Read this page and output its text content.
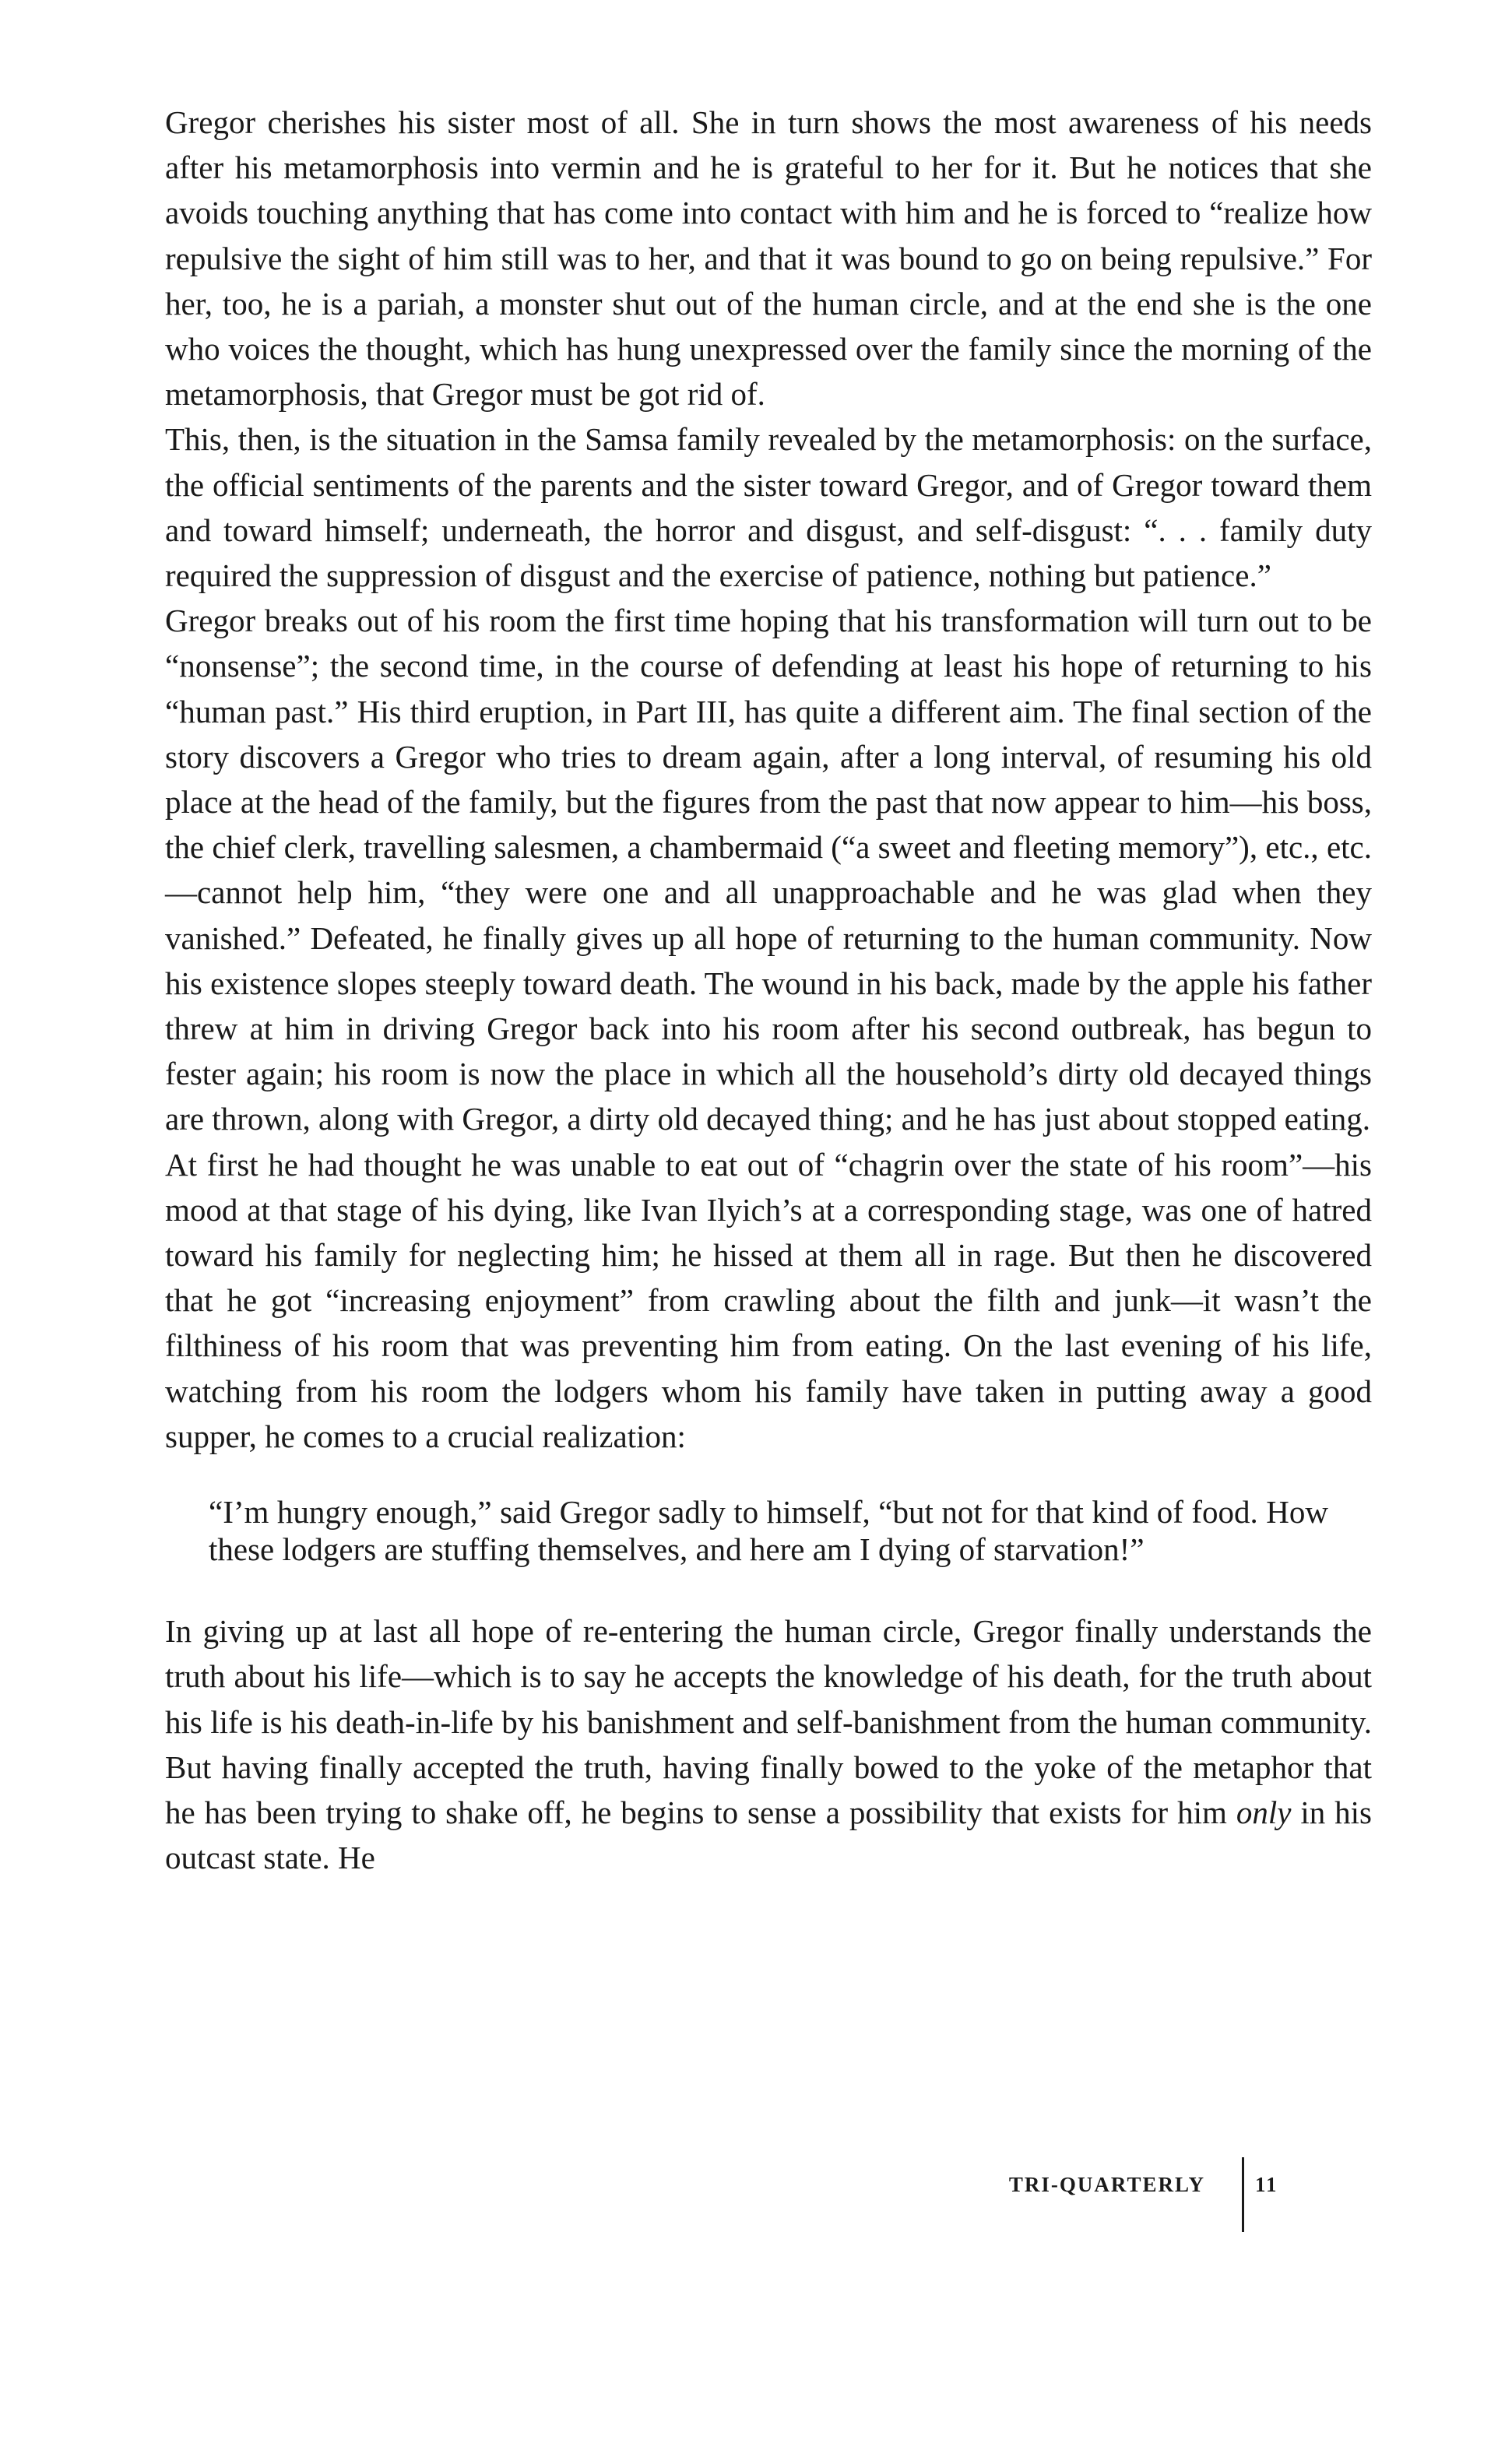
Gregor cherishes his sister most of all. She in turn shows the most awareness of his needs after his metamorphosis into vermin and he is grateful to her for it. But he notices that she avoids touching anything that has come into contact with him and he is forced to “realize how repulsive the sight of him still was to her, and that it was bound to go on being repulsive.” For her, too, he is a pariah, a monster shut out of the human circle, and at the end she is the one who voices the thought, which has hung unexpressed over the family since the morning of the metamorphosis, that Gregor must be got rid of.

This, then, is the situation in the Samsa family revealed by the metamorphosis: on the surface, the official sentiments of the parents and the sister toward Gregor, and of Gregor toward them and toward himself; underneath, the horror and disgust, and self-disgust: “. . . family duty required the suppression of disgust and the exercise of patience, nothing but patience.”

Gregor breaks out of his room the first time hoping that his transformation will turn out to be “nonsense”; the second time, in the course of defending at least his hope of returning to his “human past.” His third eruption, in Part III, has quite a different aim. The final section of the story discovers a Gregor who tries to dream again, after a long interval, of resuming his old place at the head of the family, but the figures from the past that now appear to him—his boss, the chief clerk, travelling salesmen, a chambermaid (“a sweet and fleeting memory”), etc., etc.—cannot help him, “they were one and all unapproachable and he was glad when they vanished.” Defeated, he finally gives up all hope of returning to the human community. Now his existence slopes steeply toward death. The wound in his back, made by the apple his father threw at him in driving Gregor back into his room after his second outbreak, has begun to fester again; his room is now the place in which all the household’s dirty old decayed things are thrown, along with Gregor, a dirty old decayed thing; and he has just about stopped eating.

At first he had thought he was unable to eat out of “chagrin over the state of his room”—his mood at that stage of his dying, like Ivan Ilyich’s at a corresponding stage, was one of hatred toward his family for neglecting him; he hissed at them all in rage. But then he discovered that he got “increasing enjoyment” from crawling about the filth and junk—it wasn’t the filthiness of his room that was preventing him from eating. On the last evening of his life, watching from his room the lodgers whom his family have taken in putting away a good supper, he comes to a crucial realization:

“I’m hungry enough,” said Gregor sadly to himself, “but not for that kind of food. How these lodgers are stuffing themselves, and here am I dying of starvation!”

In giving up at last all hope of re-entering the human circle, Gregor finally understands the truth about his life—which is to say he accepts the knowledge of his death, for the truth about his life is his death-in-life by his banishment and self-banishment from the human community. But having finally accepted the truth, having finally bowed to the yoke of the metaphor that he has been trying to shake off, he begins to sense a possibility that exists for him only in his outcast state. He

TRI-QUARTERLY 11
